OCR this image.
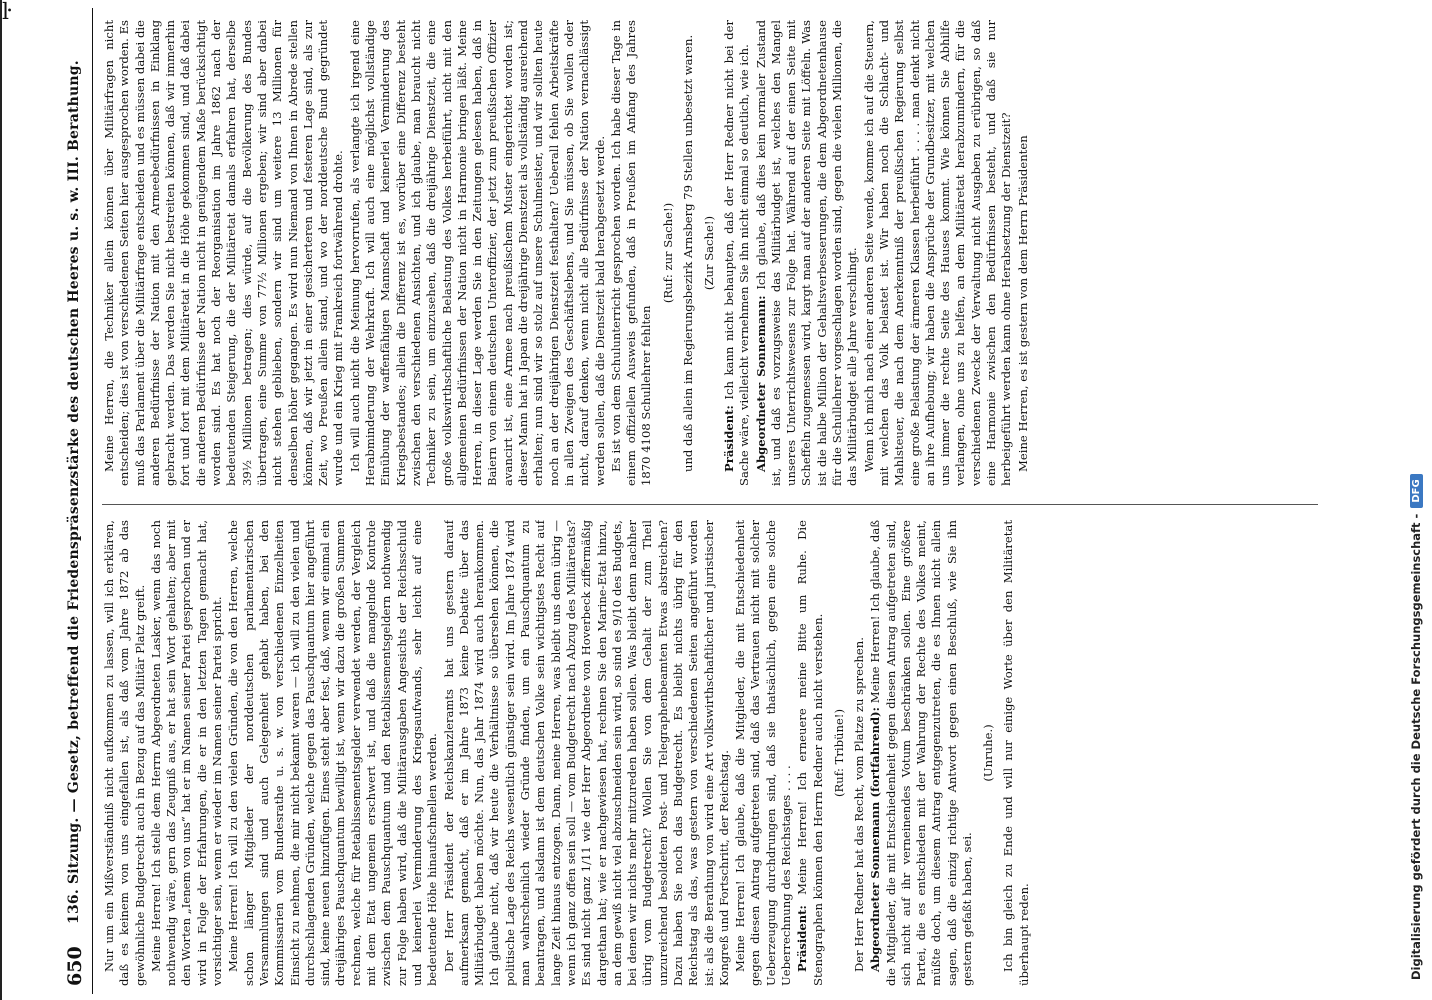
ŀ
650
136. Sitzung. — Gesetz, betreffend die Friedenspräsenzstärke des deutschen Heeres u. s. w. III. Berathung. Nur um ein Mißverständniß nicht aufkommen zu lassen, will ich erklären, daß es keinem von uns eingefallen ist, als daß vom Jahre 1872 ab das gewöhnliche Budgetrecht auch in Bezug auf das Militär Platz greift. Meine Herren! Ich stelle dem Herrn Abgeordneten Lasker, wenn das noch nothwendig wäre, gern das Zeugniß aus, er hat sein Wort gehalten; aber mit den Worten „Ienem von uns“ hat er im Namen seiner Partei gesprochen und er wird in Folge der Erfahrungen, die er in den letzten Tagen gemacht hat, vorsichtiger sein, wenn er wieder im Namen seiner Partei spricht. Meine Herren! Ich will zu den vielen Gründen, die von den Herren, welche schon länger Mitglieder der norddeutschen parlamentarischen Versammlungen sind und auch Gelegenheit gehabt haben, bei den Kommissarien vom Bundesrathe u. s. w. von verschiedenen Einzelheiten Einsicht zu nehmen, die mir nicht bekannt waren — ich will zu den vielen und durchschlagenden Gründen, welche gegen das Pauschquantum hier angeführt sind, keine neuen hinzufügen. Eines steht aber fest, daß, wenn wir einmal ein dreijähriges Pauschquantum bewilligt ist, wenn wir dazu die großen Summen rechnen, welche für Retablissementsgelder verwendet werden, der Vergleich mit dem Etat ungemein erschwert ist, und daß die mangelnde Kontrole zwischen dem Pauschquantum und den Retablissementsgeldern nothwendig zur Folge haben wird, daß die Militärausgaben Angesichts der Reichsschuld und keinerlei Verminderung des Kriegsaufwands, sehr leicht auf eine bedeutende Höhe hinaufschnellen werden. Der Herr Präsident der Reichskanzleramts hat uns gestern darauf aufmerksam gemacht, daß er im Jahre 1873 keine Debatte über das Militärbudget haben möchte. Nun, das Jahr 1874 wird auch herankommen. Ich glaube nicht, daß wir heute die Verhältnisse so übersehen können, die politische Lage des Reichs wesentlich günstiger sein wird. Im Jahre 1874 wird man wahrscheinlich wieder Gründe finden, um ein Pauschquantum zu beantragen, und alsdann ist dem deutschen Volke sein wichtigstes Recht auf lange Zeit hinaus entzogen. Dann, meine Herren, was bleibt uns denn übrig — wenn ich ganz offen sein soll — vom Budgetrecht nach Abzug des Militäretats? Es sind nicht ganz 1/11 wie der Herr Abgeordnete von Hoverbeck ziffermäßig dargethan hat; wie er nachgewiesen hat, rechnen Sie den Marine-Etat hinzu, an dem gewiß nicht viel abzuschneiden sein wird, so sind es 9/10 des Budgets, bei denen wir nichts mehr mitzureden haben sollen. Was bleibt denn nachher übrig vom Budgetrecht? Wollen Sie von dem Gehalt der zum Theil unzureichend besoldeten Post- und Telegraphenbeamten Etwas abstreichen? Dazu haben Sie noch das Budgetrecht. Es bleibt nichts übrig für den Reichstag als das, was gestern von verschiedenen Seiten angeführt worden ist: als die Berathung von wird eine Art volkswirthschaftlicher und juristischer Kongreß und Fortschritt, der Reichstag. Meine Herren! Ich glaube, daß die Mitglieder, die mit Entschiedenheit gegen diesen Antrag aufgetreten sind, daß das Vertrauen nicht mit solcher Ueberzeugung durchdrungen sind, daß sie thatsächlich, gegen eine solche Ueberrechnung des Reichstages . . . . Präsident: Meine Herren! Ich erneuere meine Bitte um Ruhe. Die Stenographen können den Herrn Redner auch nicht verstehen. (Ruf: Tribüne!) Der Herr Redner hat das Recht, vom Platze zu sprechen. Abgeordneter Sonnemann (fortfahrend): Meine Herren! Ich glaube, daß die Mitglieder, die mit Entschiedenheit gegen diesen Antrag aufgetreten sind, sich nicht auf ihr verneinendes Votum beschränken sollen. Eine größere Partei, die es entschieden mit der Wahrung der Rechte des Volkes meint, müßte doch, um diesem Antrag entgegenzutreten, die es Ihnen nicht allein sagen, daß die einzig richtige Antwort gegen einen Beschluß, wie Sie ihn gestern gefaßt haben, sei.

(Unruhe.) Ich bin gleich zu Ende und will nur einige Worte über den Militäretat überhaupt reden.

Meine Herren, die Techniker allein können über Militärfragen nicht entscheiden; dies ist von verschiedenen Seiten hier ausgesprochen worden. Es muß das Parlament über die Militärfrage entscheiden und es müssen dabei die anderen Bedürfnisse der Nation mit den Armeebedürfnissen in Einklang gebracht werden. Das werden Sie nicht bestreiten können, daß wir immerhin fort und fort mit dem Militäretat in die Höhe gekommen sind, und daß dabei die anderen Bedürfnisse der Nation nicht in genügendem Maße berücksichtigt worden sind. Es hat noch der Reorganisation im Jahre 1862 nach der bedeutenden Steigerung, die der Militäretat damals erfahren hat, derselbe 39½ Millionen betragen; dies würde, auf die Bevölkerung des Bundes übertragen, eine Summe von 77½ Millionen ergeben; wir sind aber dabei nicht stehen geblieben, sondern wir sind um weitere 13 Millionen für denselben höher gegangen. Es wird nun Niemand von Ihnen in Abrede stellen können, daß wir jetzt in einer gesicherteren und festeren Lage sind, als zur Zeit, wo Preußen allein stand, und wo der norddeutsche Bund gegründet wurde und ein Krieg mit Frankreich fortwährend drohte. Ich will auch nicht die Meinung hervorrufen, als verlangte ich irgend eine Herabminderung der Wehrkraft. Ich will auch eine möglichst vollständige Einübung der waffenfähigen Mannschaft und keinerlei Verminderung des Kriegsbestandes; allein die Differenz ist es, worüber eine Differenz besteht zwischen den verschiedenen Ansichten, und ich glaube, man braucht nicht Techniker zu sein, um einzusehen, daß die dreijährige Dienstzeit, die eine große volkswirthschaftliche Belastung des Volkes herbeiführt, nicht mit den allgemeinen Bedürfnissen der Nation nicht in Harmonie bringen läßt. Meine Herren, in dieser Lage werden Sie in den Zeitungen gelesen haben, daß in Baiern von einem deutschen Unteroffizier, der jetzt zum preußischen Offizier avancirt ist, eine Armee nach preußischem Muster eingerichtet worden ist; dieser Mann hat in Japan die dreijährige Dienstzeit als vollständig ausreichend erhalten; nun sind wir so stolz auf unsere Schulmeister, und wir sollten heute noch an der dreijährigen Dienstzeit festhalten? Ueberall fehlen Arbeitskräfte in allen Zweigen des Geschäftslebens, und Sie müssen, ob Sie wollen oder nicht, darauf denken, wenn nicht alle Bedürfnisse der Nation vernachlässigt werden sollen, daß die Dienstzeit bald herabgesetzt werde. Es ist von dem Schulunterricht gesprochen worden. Ich habe dieser Tage in einem offiziellen Ausweis gefunden, daß in Preußen im Anfang des Jahres 1870 4108 Schullehrer fehlten

(Ruf: zur Sache!) und daß allein im Regierungsbezirk Arnsberg 79 Stellen unbesetzt waren. (Zur Sache!)

Präsident: Ich kann nicht behaupten, daß der Herr Redner nicht bei der Sache wäre, vielleicht vernehmen Sie ihn nicht einmal so deutlich, wie ich. Abgeordneter Sonnemann: Ich glaube, daß dies kein normaler Zustand ist, und daß es vorzugsweise das Militärbudget ist, welches den Mangel unseres Unterrichtswesens zur Folge hat. Während auf der einen Seite mit Scheffeln zugemessen wird, kargt man auf der anderen Seite mit Löffeln. Was ist die halbe Million der Gehaltsverbesserungen, die dem Abgeordnetenhause für die Schullehrer vorgeschlagen worden sind, gegen die vielen Millionen, die das Militärbudget alle Jahre verschlingt. Wenn ich mich nach einer anderen Seite wende, komme ich auf die Steuern, mit welchen das Volk belastet ist. Wir haben noch die Schlacht- und Mahlsteuer, die nach dem Anerkenntniß der preußischen Regierung selbst eine große Belastung der ärmeren Klassen herbeiführt . . . . man denkt nicht an ihre Aufhebung; wir haben die Ansprüche der Grundbesitzer, mit welchen uns immer die rechte Seite des Hauses kommt. Wie können Sie Abhilfe verlangen, ohne uns zu helfen, an dem Militäretat herabzumindern, für die verschiedenen Zwecke der Verwaltung nicht Ausgaben zu erübrigen, so daß eine Harmonie zwischen den Bedürfnissen besteht, und daß sie nur herbeigeführt werden kann ohne Herabsetzung der Dienstzeit? Meine Herren, es ist gestern von dem Herrn Präsidenten

Digitalisierung gefördert durch die Deutsche Forschungsgemeinschaft -
DFG
